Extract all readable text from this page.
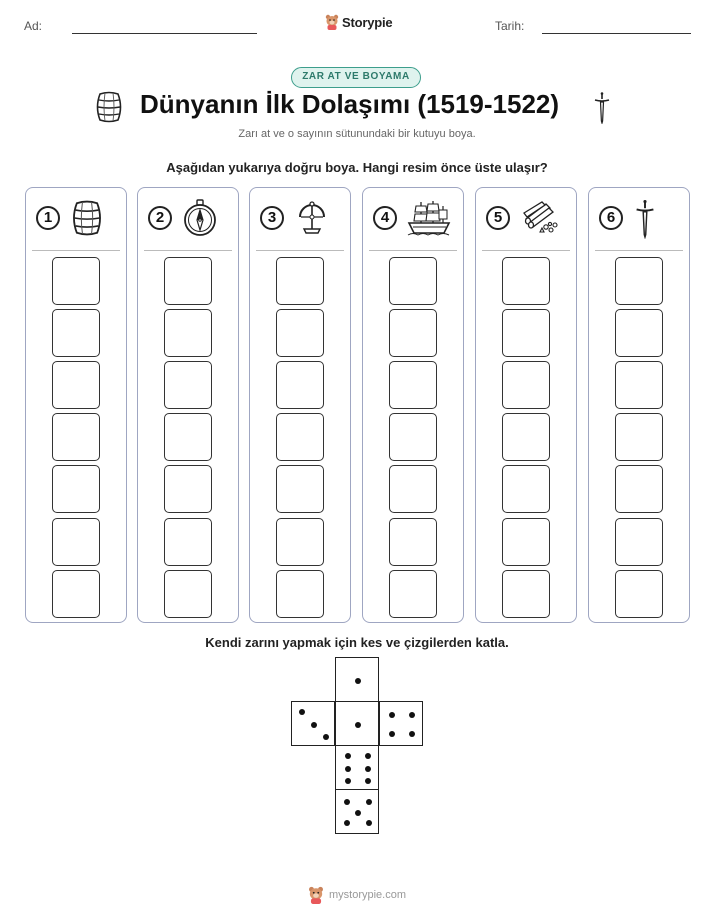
Ad:	Storypie	Tarih:
ZAR AT VE BOYAMA
Dünyanın İlk Dolaşımı (1519-1522)
Zarı at ve o sayının sütunundaki bir kutuyu boya.
Aşağıdan yukarıya doğru boya. Hangi resim önce üste ulaşır?
1	2	3	4	5	6
Kendi zarını yapmak için kes ve çizgilerden katla.
mystorypie.com
